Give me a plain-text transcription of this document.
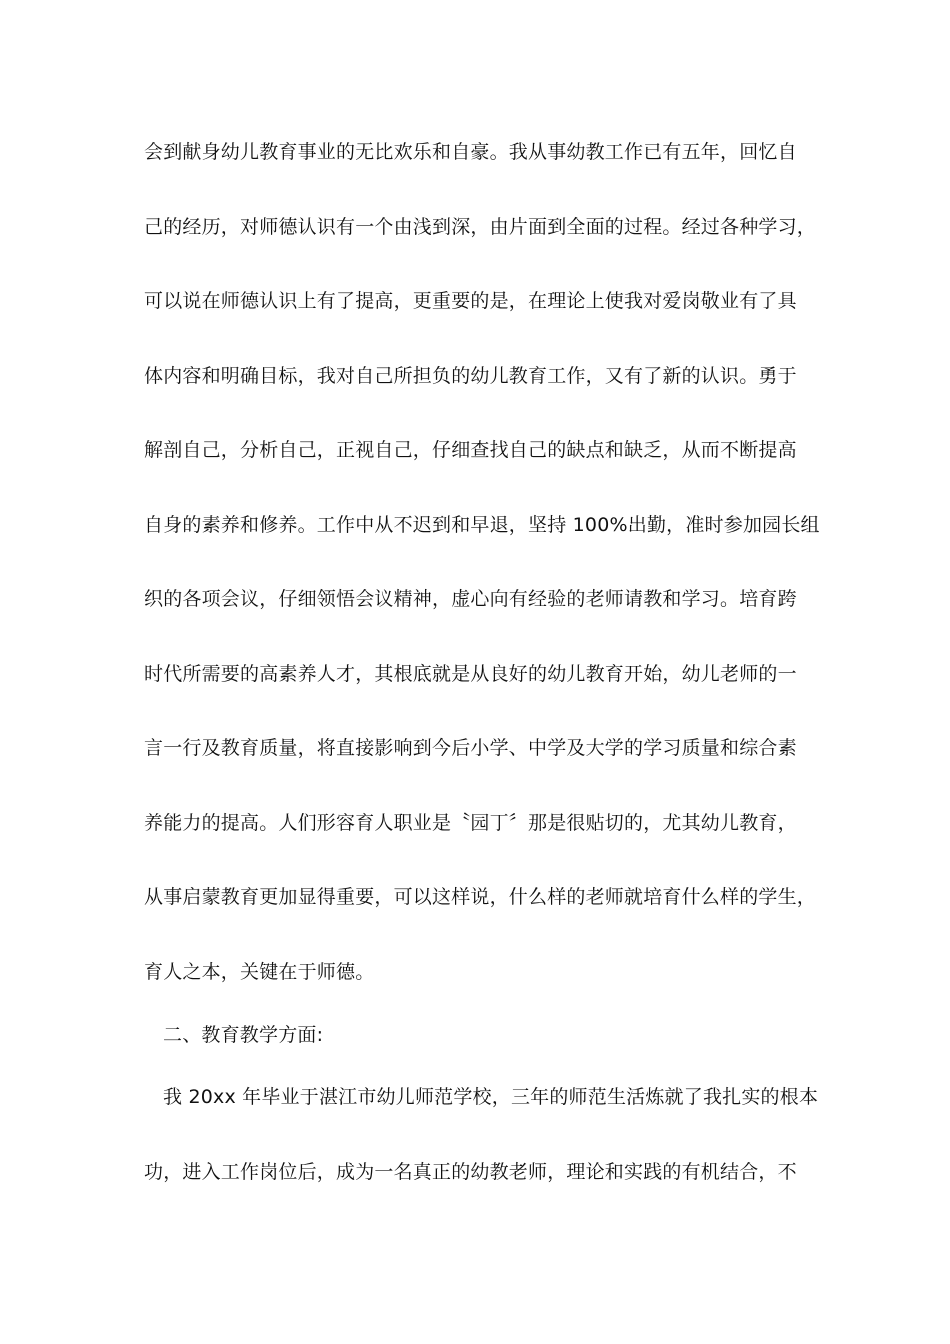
会到献身幼儿教育事业的无比欢乐和自豪。我从事幼教工作已有五年，回忆自
己的经历，对师德认识有一个由浅到深，由片面到全面的过程。经过各种学习，
可以说在师德认识上有了提高，更重要的是，在理论上使我对爱岗敬业有了具
体内容和明确目标，我对自己所担负的幼儿教育工作，又有了新的认识。勇于
解剖自己，分析自己，正视自己，仔细查找自己的缺点和缺乏，从而不断提高
自身的素养和修养。工作中从不迟到和早退，坚持 100%出勤，准时参加园长组
织的各项会议，仔细领悟会议精神，虚心向有经验的老师请教和学习。培育跨
时代所需要的高素养人才，其根底就是从良好的幼儿教育开始，幼儿老师的一
言一行及教育质量，将直接影响到今后小学、中学及大学的学习质量和综合素
养能力的提高。人们形容育人职业是〝园丁〞那是很贴切的，尤其幼儿教育，
从事启蒙教育更加显得重要，可以这样说，什么样的老师就培育什么样的学生，
育人之本，关键在于师德。
二、教育教学方面:
我 20xx 年毕业于湛江市幼儿师范学校，三年的师范生活炼就了我扎实的根本
功，进入工作岗位后，成为一名真正的幼教老师，理论和实践的有机结合，不
